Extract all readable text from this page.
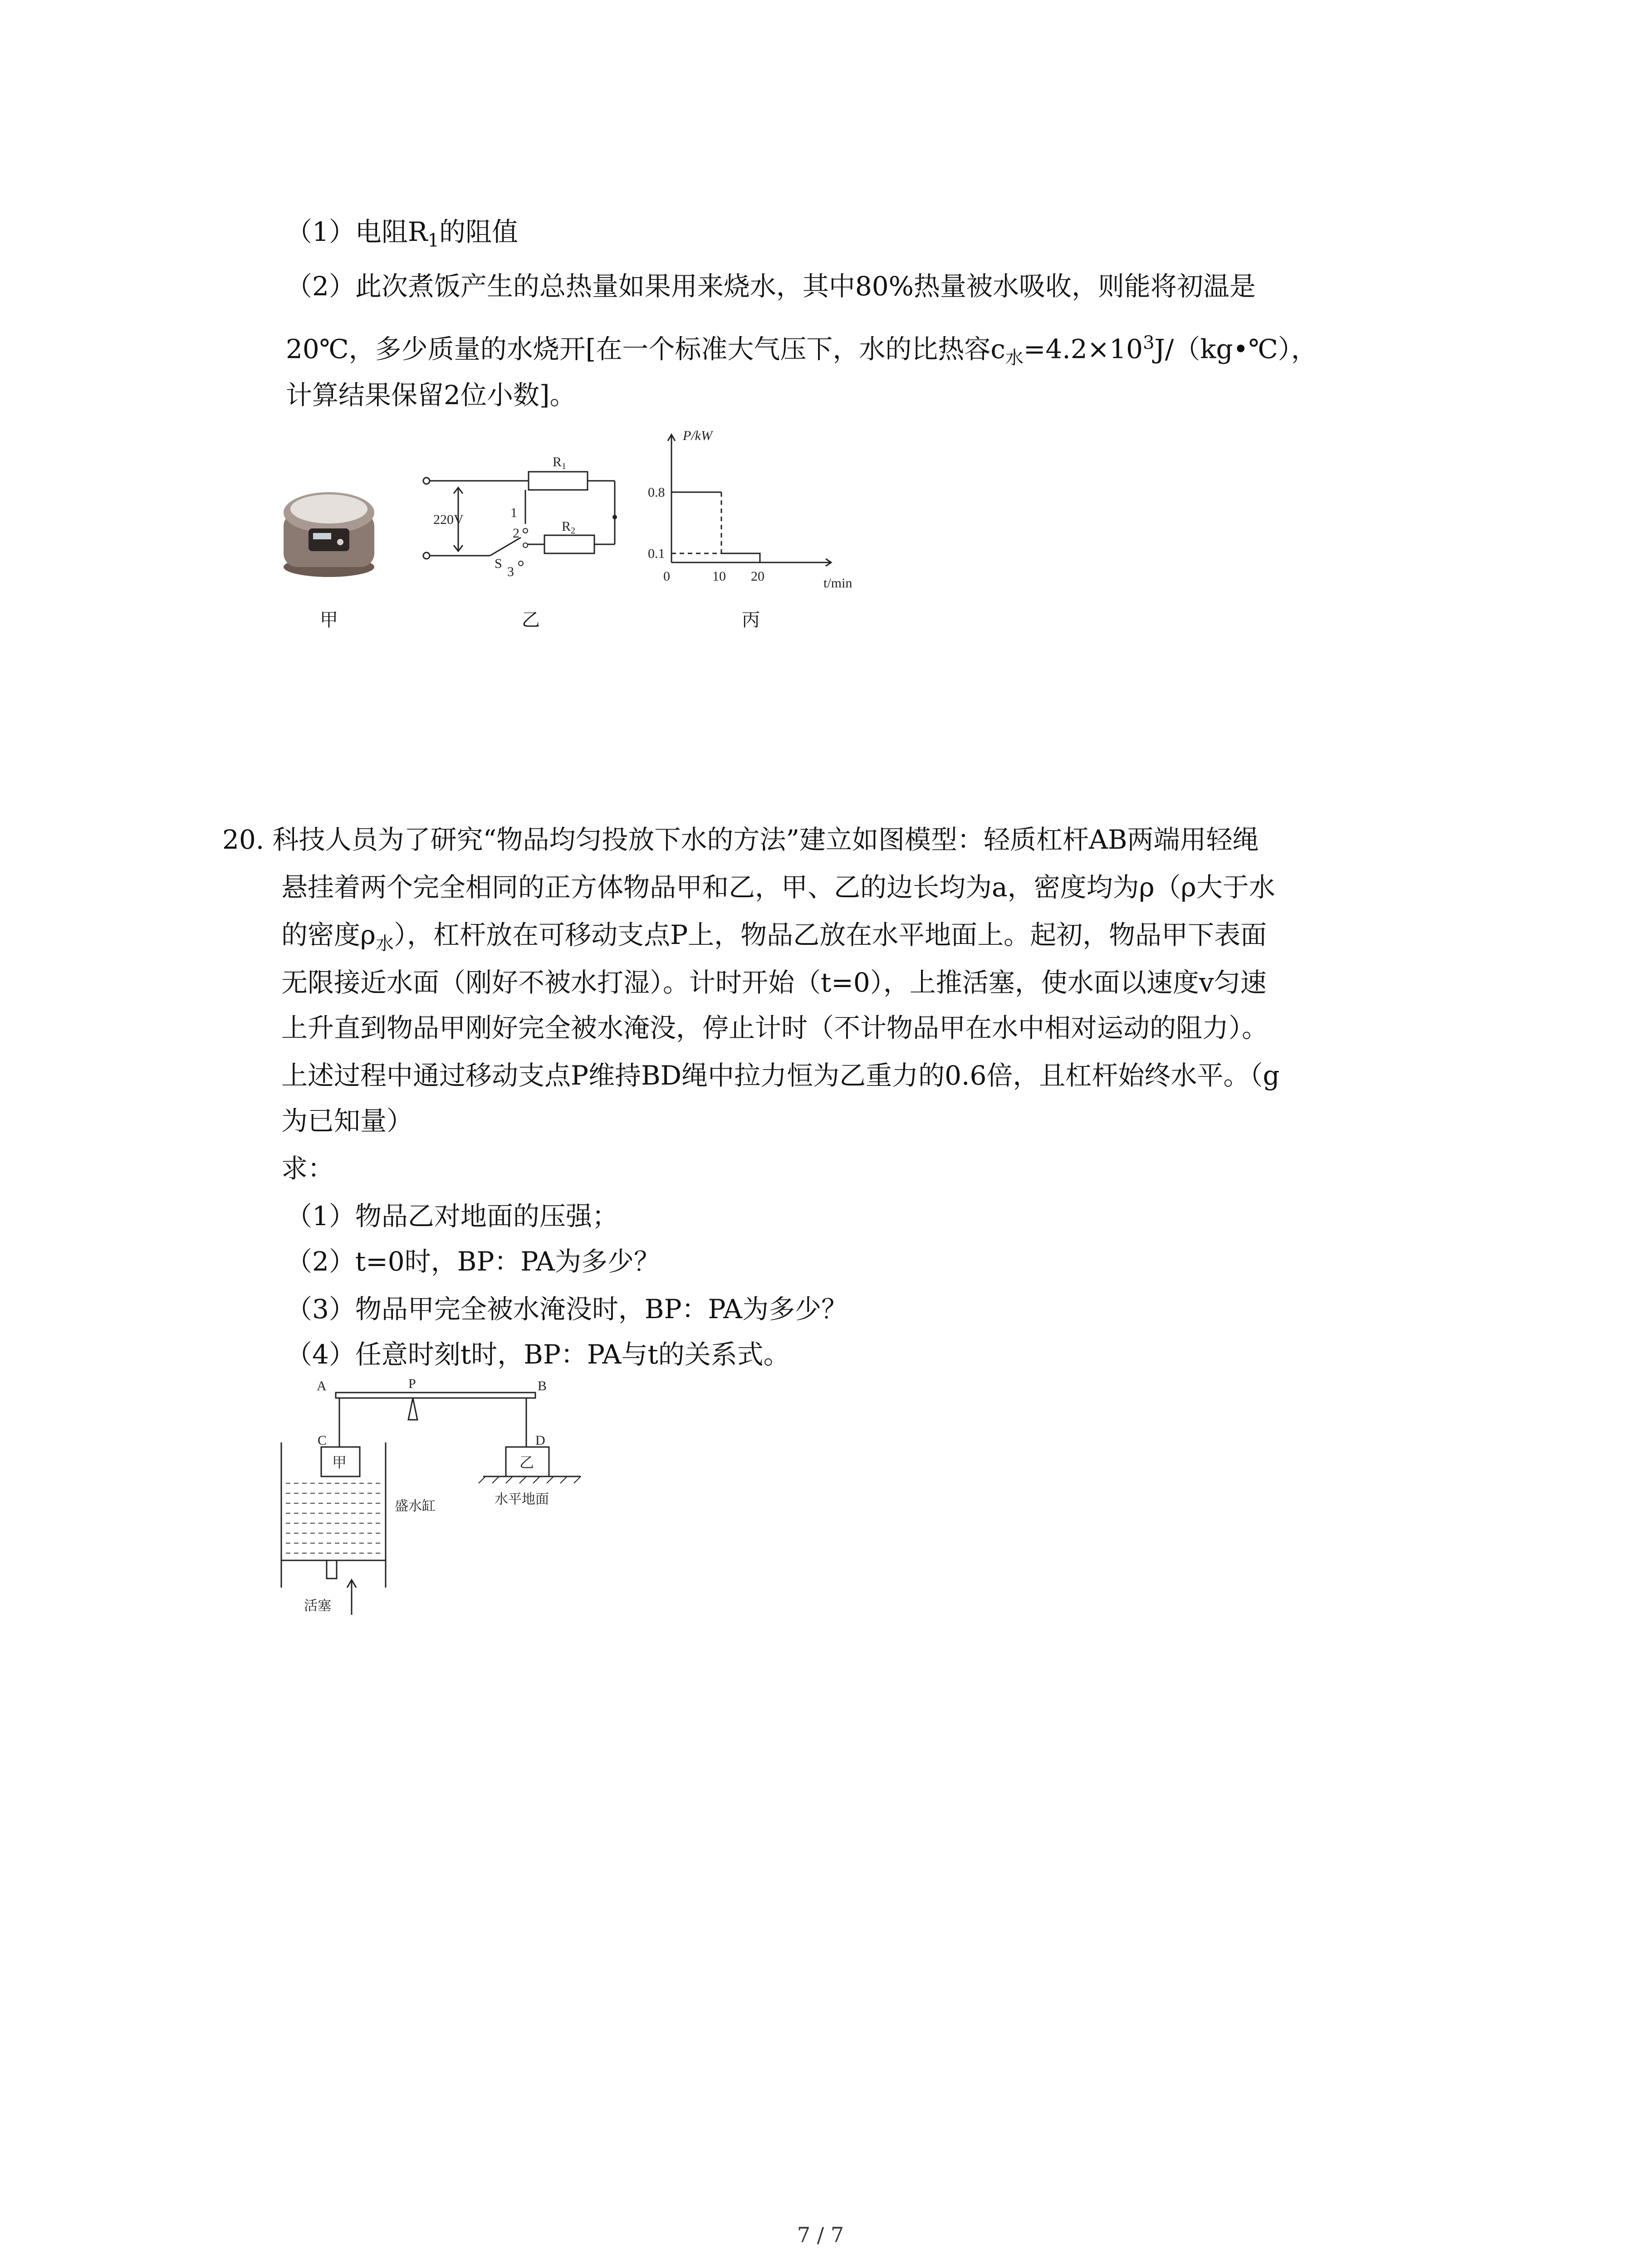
（1）电阻$R_1$的阻值
（2）此次煮饭产生的总热量如果用来烧水，其中80%热量被水吸收，则能将初温是
20℃，多少质量的水烧开[在一个标准大气压下，水的比热容$c_水=4.2\times 10^3J/(kg•℃)$，
计算结果保留2位小数]。
甲
220V
$R_1$
$R_2$
1
2
3
S
乙
P/kW
0.8
0.1
0	10 20	t/min
丙
20. 科技人员为了研究“物品均匀投放下水的方法”建立如图模型：轻质杠杆AB两端用轻绳
悬挂着两个完全相同的正方体物品甲和乙，甲、乙的边长均为a，密度均为ρ（ρ大于水
的密度$\rho_水$），杠杆放在可移动支点P上，物品乙放在水平地面上。起初，物品甲下表面
无限接近水面（刚好不被水打湿）。计时开始（t=0），上推活塞，使水面以速度v匀速
上升直到物品甲刚好完全被水淹没，停止计时（不计物品甲在水中相对运动的阻力）。
上述过程中通过移动支点P维持BD绳中拉力恒为乙重力的0.6倍，且杠杆始终水平。（g
为已知量）
求：
（1）物品乙对地面的压强；
（2）t=0时，BP：PA为多少？
（3）物品甲完全被水淹没时，BP：PA为多少？
（4）任意时刻t时，BP：PA与t的关系式。
A	P	B
C	D
甲	乙
盛水缸	水平地面
活塞
7 / 7
